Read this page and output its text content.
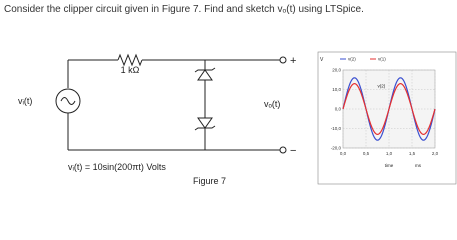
Consider the clipper circuit given in Figure 7. Find and sketch vₒ(t) using LTSpice.
1 kΩ
vᵢ(t)	vₒ(t)
+
−
vᵢ(t) = 10sin(200πt) Volts
Figure 7
V	v(2)	v(1)
20,0
10,0
0,0
-10,0
-20,0
0,0	0,5	1,0	1,5	2,0
v(2)
time	ms
